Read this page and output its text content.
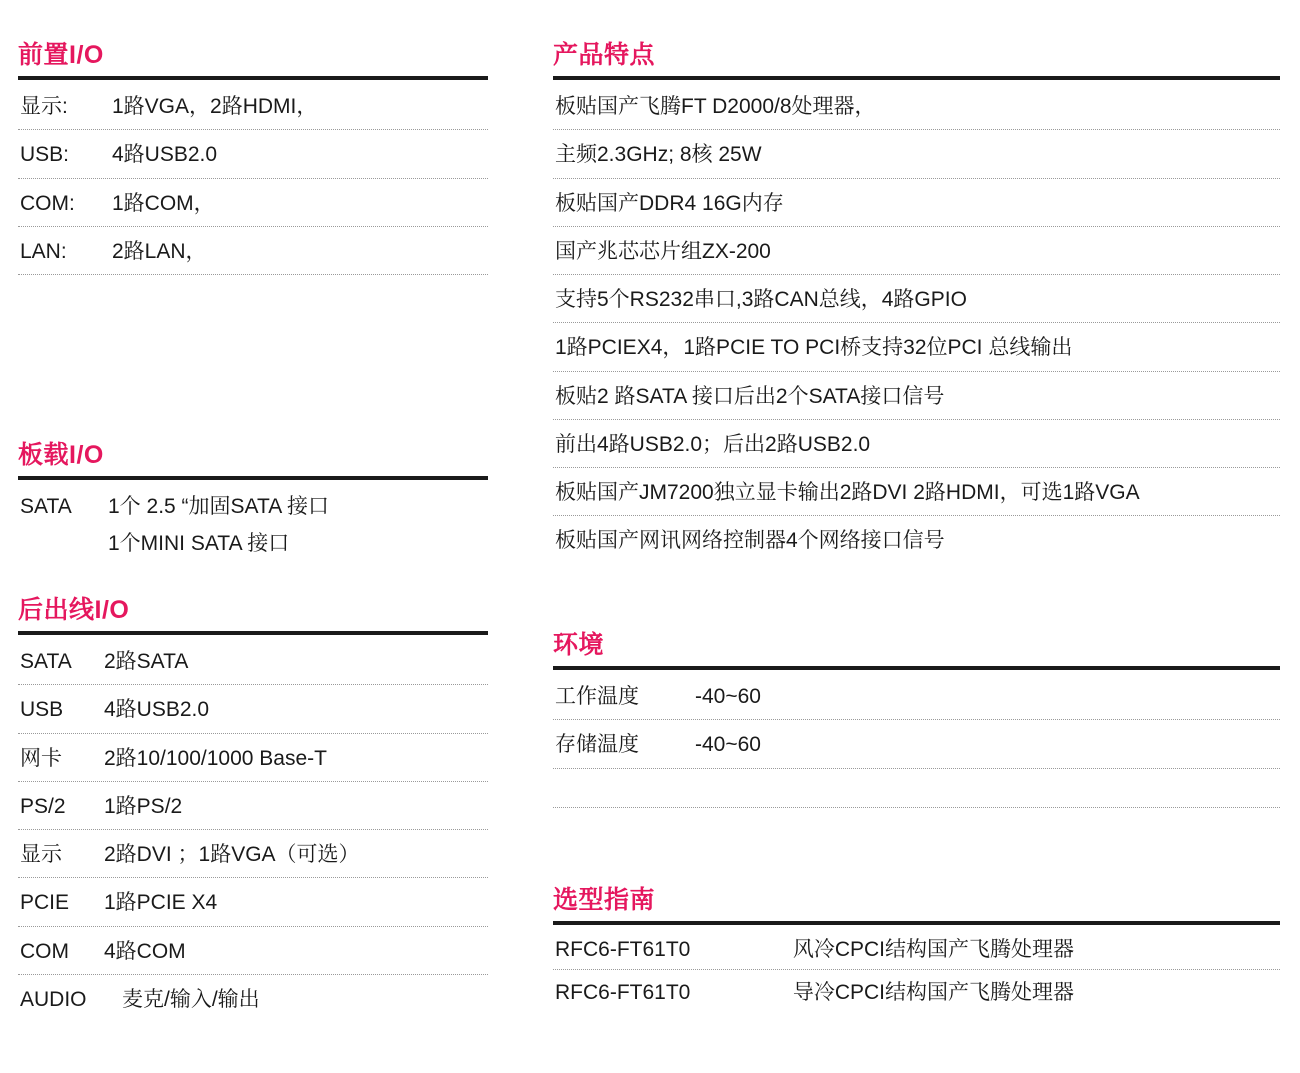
前置I/O
显示:	1路VGA，2路HDMI，
USB:	4路USB2.0
COM:	1路COM，
LAN:	2路LAN，
板载I/O
SATA	1个 2.5 “加固SATA 接口
1个MINI SATA 接口
后出线I/O
SATA	2路SATA
USB	4路USB2.0
网卡	2路10/100/1000 Base-T
PS/2	1路PS/2
显示	2路DVI ；1路VGA（可选）
PCIE	1路PCIE X4
COM	4路COM
AUDIO	麦克/输入/输出
产品特点
板贴国产飞腾FT D2000/8处理器，
主频2.3GHz; 8核 25W
板贴国产DDR4 16G内存
国产兆芯芯片组ZX-200
支持5个RS232串口,3路CAN总线，4路GPIO
1路PCIEX4，1路PCIE TO PCI桥支持32位PCI 总线输出
板贴2 路SATA 接口后出2个SATA接口信号
前出4路USB2.0；后出2路USB2.0
板贴国产JM7200独立显卡输出2路DVI 2路HDMI，可选1路VGA
板贴国产网讯网络控制器4个网络接口信号
环境
工作温度	-40~60
存储温度	-40~60
选型指南
RFC6-FT61T0	风冷CPCI结构国产飞腾处理器
RFC6-FT61T0	导冷CPCI结构国产飞腾处理器
